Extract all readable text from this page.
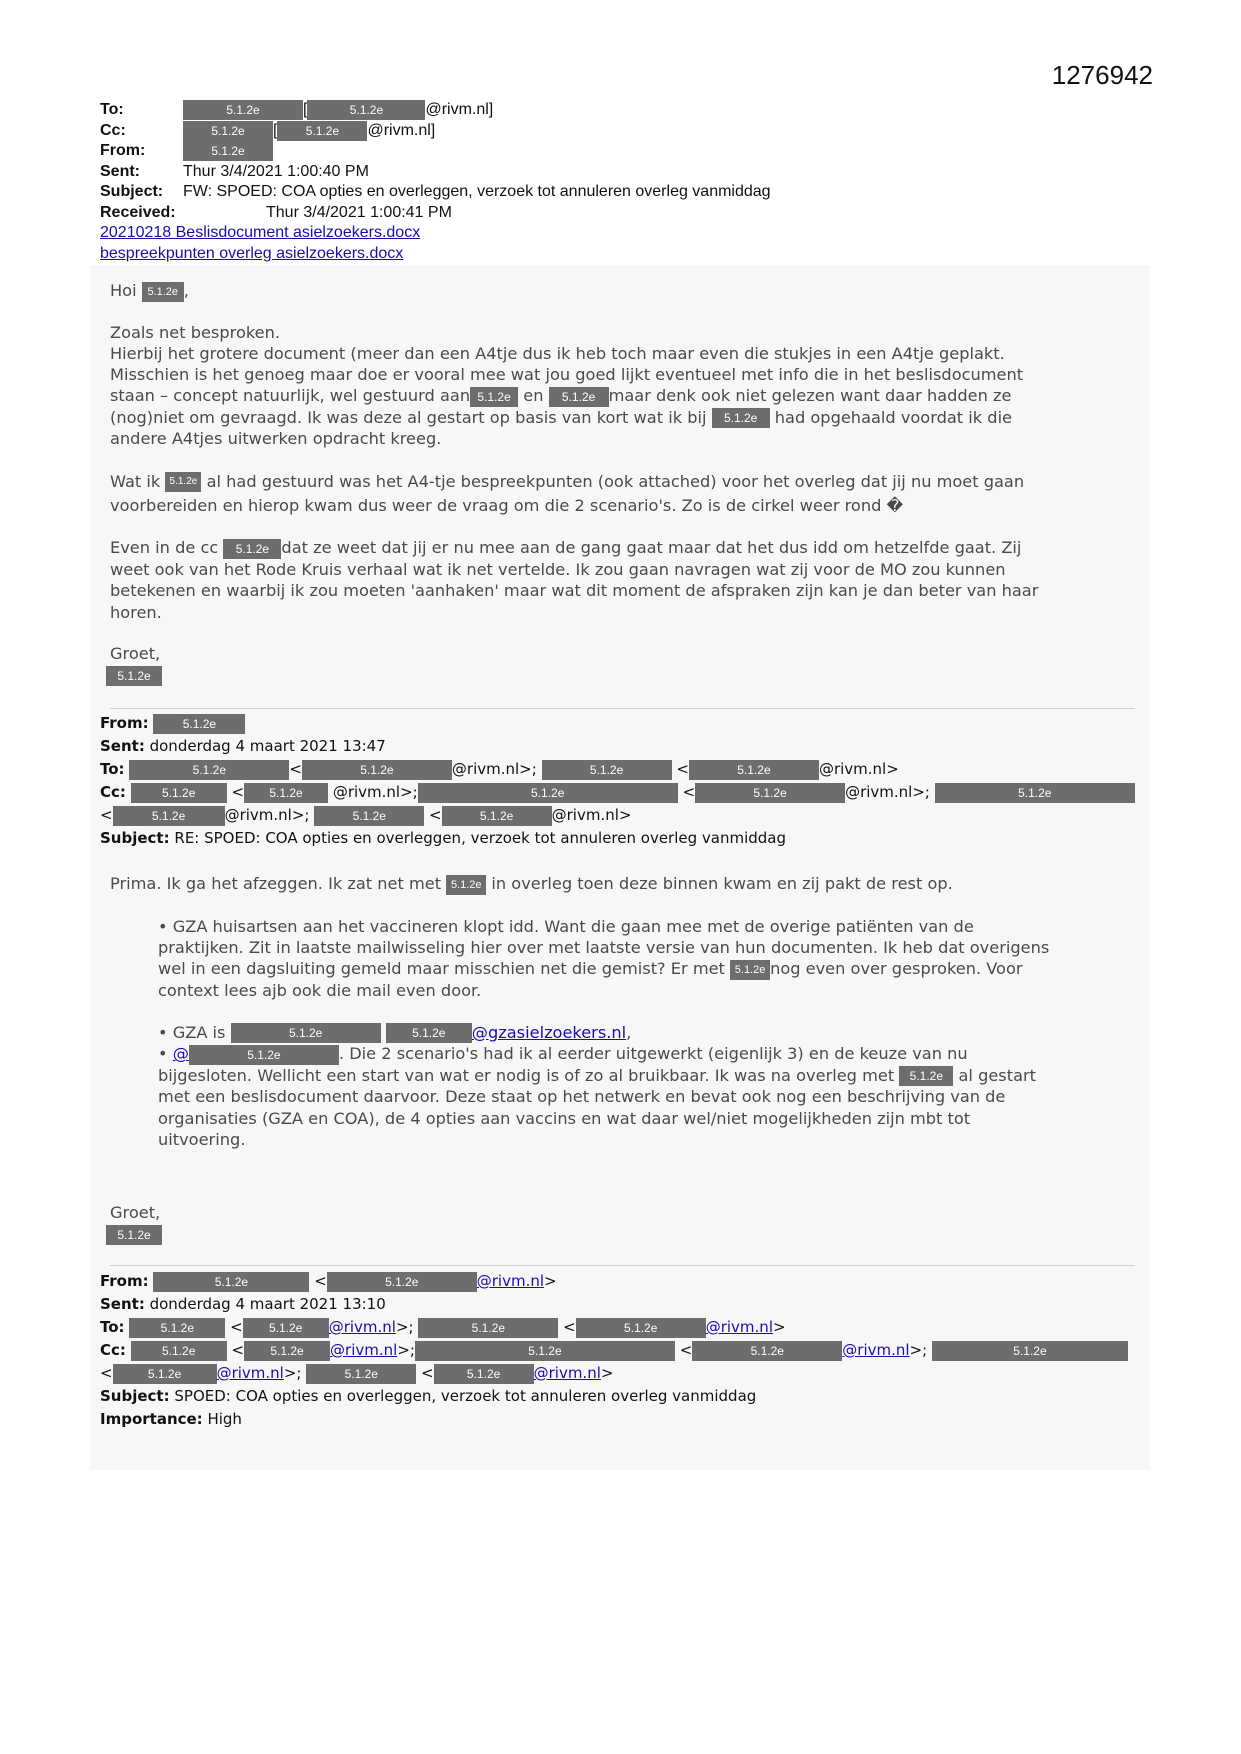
1276942
To:	5.1.2e	[	5.1.2e	@rivm.nl]
Cc:	5.1.2e [ 5.1.2e @rivm.nl]
From:	5.1.2e
Sent:	Thur 3/4/2021 1:00:40 PM
Subject: FW: SPOED: COA opties en overleggen, verzoek tot annuleren overleg vanmiddag
Received:	Thur 3/4/2021 1:00:41 PM
20210218 Beslisdocument asielzoekers.docx
bespreekpunten overleg asielzoekers.docx

Hoi 5.1.2e ,

Zoals net besproken.

Hierbij het grotere document (meer dan een A4tje dus ik heb toch maar even die stukjes in een A4tje geplakt.

Misschien is het genoeg maar doe er vooral mee wat jou goed lijkt eventueel met info die in het beslisdocument

staan – concept natuurlijk, wel gestuurd aan 5.1.2e en 5.1.2e maar denk ook niet gelezen want daar hadden ze

(nog)niet om gevraagd. Ik was deze al gestart op basis van kort wat ik bij 5.1.2e had opgehaald voordat ik die

andere A4tjes uitwerken opdracht kreeg.

Wat ik 5.1.2e al had gestuurd was het A4-tje bespreekpunten (ook attached) voor het overleg dat jij nu moet gaan

voorbereiden en hierop kwam dus weer de vraag om die 2 scenario's. Zo is de cirkel weer rond �

Even in de cc 5.1.2e dat ze weet dat jij er nu mee aan de gang gaat maar dat het dus idd om hetzelfde gaat. Zij

weet ook van het Rode Kruis verhaal wat ik net vertelde. Ik zou gaan navragen wat zij voor de MO zou kunnen

betekenen en waarbij ik zou moeten 'aanhaken' maar wat dit moment de afspraken zijn kan je dan beter van haar

horen.

Groet,

5.1.2e

From:	5.1.2e
Sent: donderdag 4 maart 2021 13:47
To:	5.1.2e	<	5.1.2e	@rivm.nl>;	5.1.2e	<	5.1.2e	@rivm.nl>
Cc:	5.1.2e < 5.1.2e @rivm.nl>;	5.1.2e	<	5.1.2e	@rivm.nl>;	5.1.2e
<	5.1.2e	@rivm.nl>;	5.1.2e	<	5.1.2e	@rivm.nl>
Subject: RE: SPOED: COA opties en overleggen, verzoek tot annuleren overleg vanmiddag

Prima. Ik ga het afzeggen. Ik zat net met 5.1.2e in overleg toen deze binnen kwam en zij pakt de rest op.

• GZA huisartsen aan het vaccineren klopt idd. Want die gaan mee met de overige patiënten van de

praktijken. Zit in laatste mailwisseling hier over met laatste versie van hun documenten. Ik heb dat overigens

wel in een dagsluiting gemeld maar misschien net die gemist? Er met 5.1.2e nog even over gesproken. Voor

context lees ajb ook die mail even door.

• GZA is	5.1.2e	5.1.2e @gzasielzoekers.nl,

• @	5.1.2e	. Die 2 scenario's had ik al eerder uitgewerkt (eigenlijk 3) en de keuze van nu

bijgesloten. Wellicht een start van wat er nodig is of zo al bruikbaar. Ik was na overleg met 5.1.2e al gestart

met een beslisdocument daarvoor. Deze staat op het netwerk en bevat ook nog een beschrijving van de

organisaties (GZA en COA), de 4 opties aan vaccins en wat daar wel/niet mogelijkheden zijn mbt tot

uitvoering.

Groet,

5.1.2e

From:	5.1.2e	<	5.1.2e	@rivm.nl>
Sent: donderdag 4 maart 2021 13:10
To:	5.1.2e < 5.1.2e @rivm.nl>;	5.1.2e	<	5.1.2e	@rivm.nl>
Cc:	5.1.2e < 5.1.2e @rivm.nl>;	5.1.2e	<	5.1.2e	@rivm.nl>;	5.1.2e
<	5.1.2e @rivm.nl>;	5.1.2e	<	5.1.2e @rivm.nl>
Subject: SPOED: COA opties en overleggen, verzoek tot annuleren overleg vanmiddag
Importance: High
